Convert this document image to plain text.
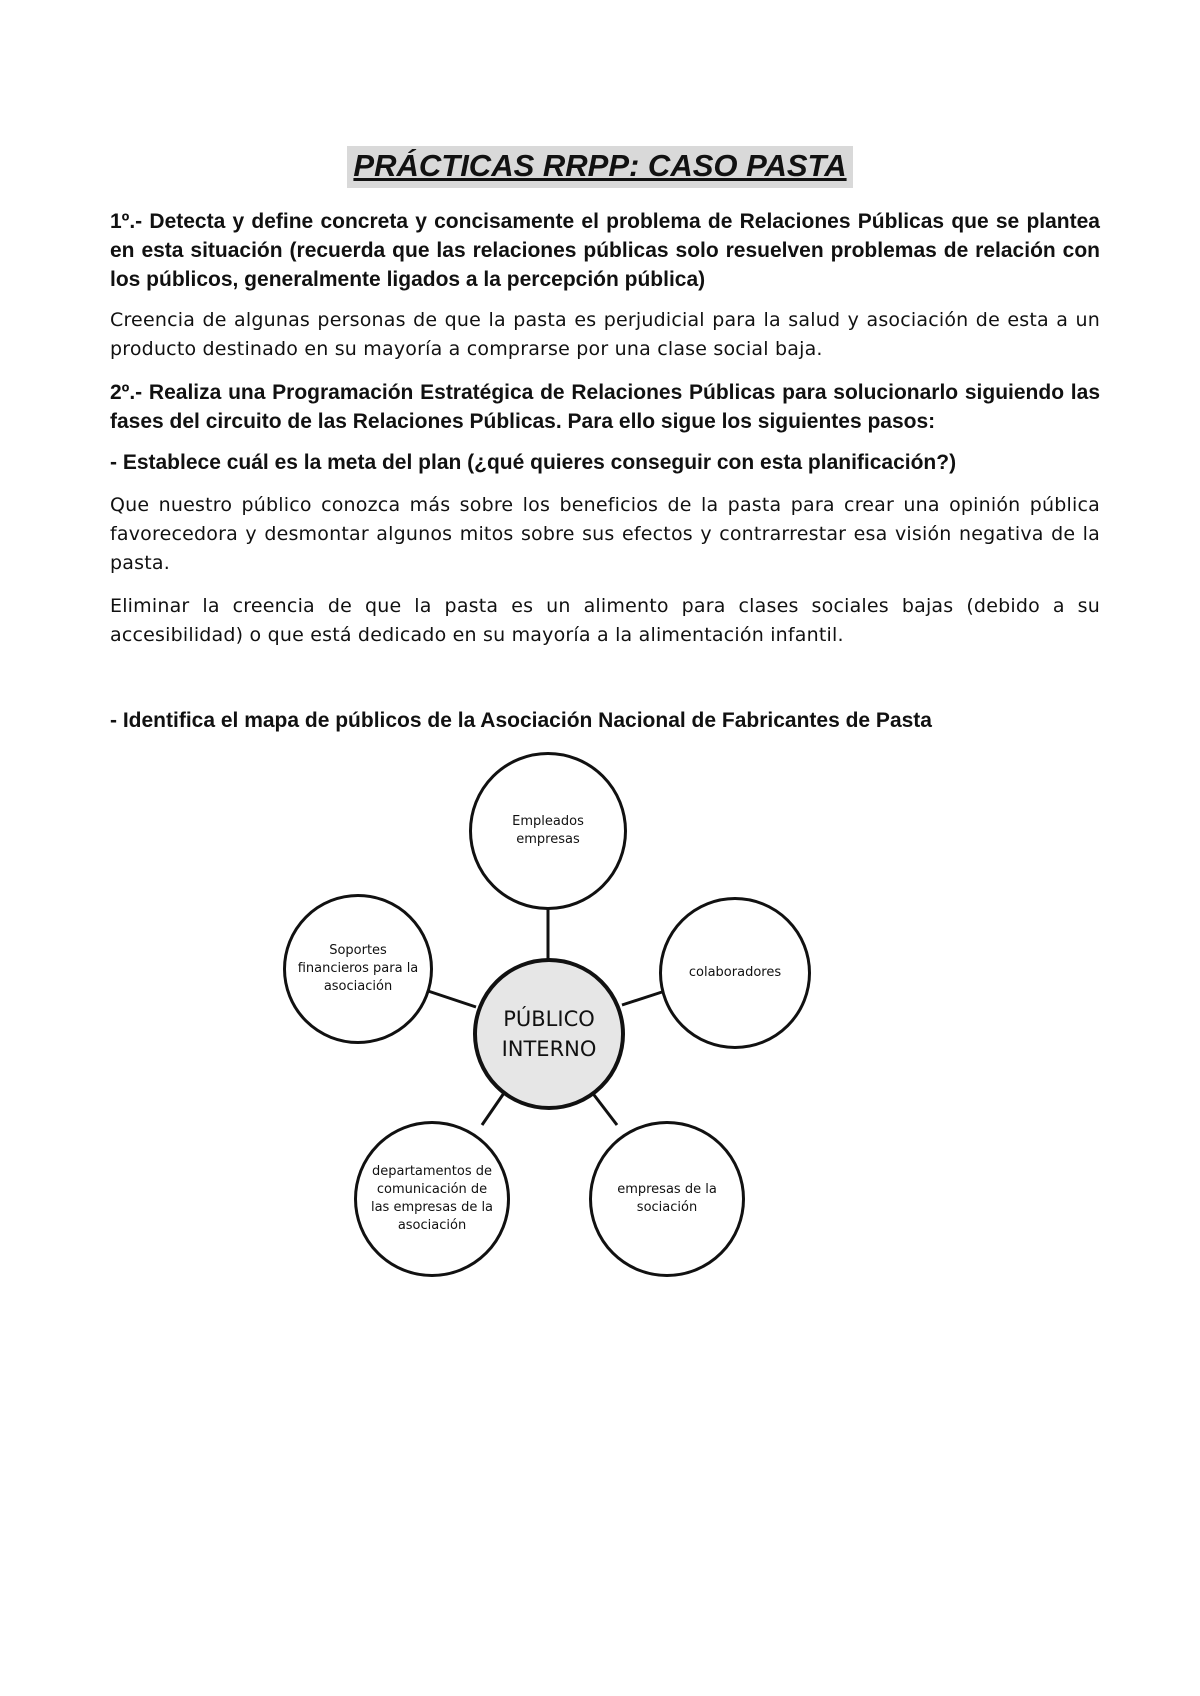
PRÁCTICAS RRPP: CASO PASTA

1º.- Detecta y define concreta y concisamente el problema de Relaciones Públicas que se plantea en esta situación (recuerda que las relaciones públicas solo resuelven problemas de relación con los públicos, generalmente ligados a la percepción pública)

Creencia de algunas personas de que la pasta es perjudicial para la salud y asociación de esta a un producto destinado en su mayoría a comprarse por una clase social baja.

2º.- Realiza una Programación Estratégica de Relaciones Públicas para solucionarlo siguiendo las fases del circuito de las Relaciones Públicas. Para ello sigue los siguientes pasos:

- Establece cuál es la meta del plan (¿qué quieres conseguir con esta planificación?)

Que nuestro público conozca más sobre los beneficios de la pasta para crear una opinión pública favorecedora y desmontar algunos mitos sobre sus efectos y contrarrestar esa visión negativa de la pasta.

Eliminar la creencia de que la pasta es un alimento para clases sociales bajas (debido a su accesibilidad) o que está dedicado en su mayoría a la alimentación infantil.

- Identifica el mapa de públicos de la Asociación Nacional de Fabricantes de Pasta

Empleados empresas
colaboradores
empresas de la sociación
departamentos de comunicación de las empresas de la asociación
Soportes financieros para la asociación
PÚBLICO INTERNO
